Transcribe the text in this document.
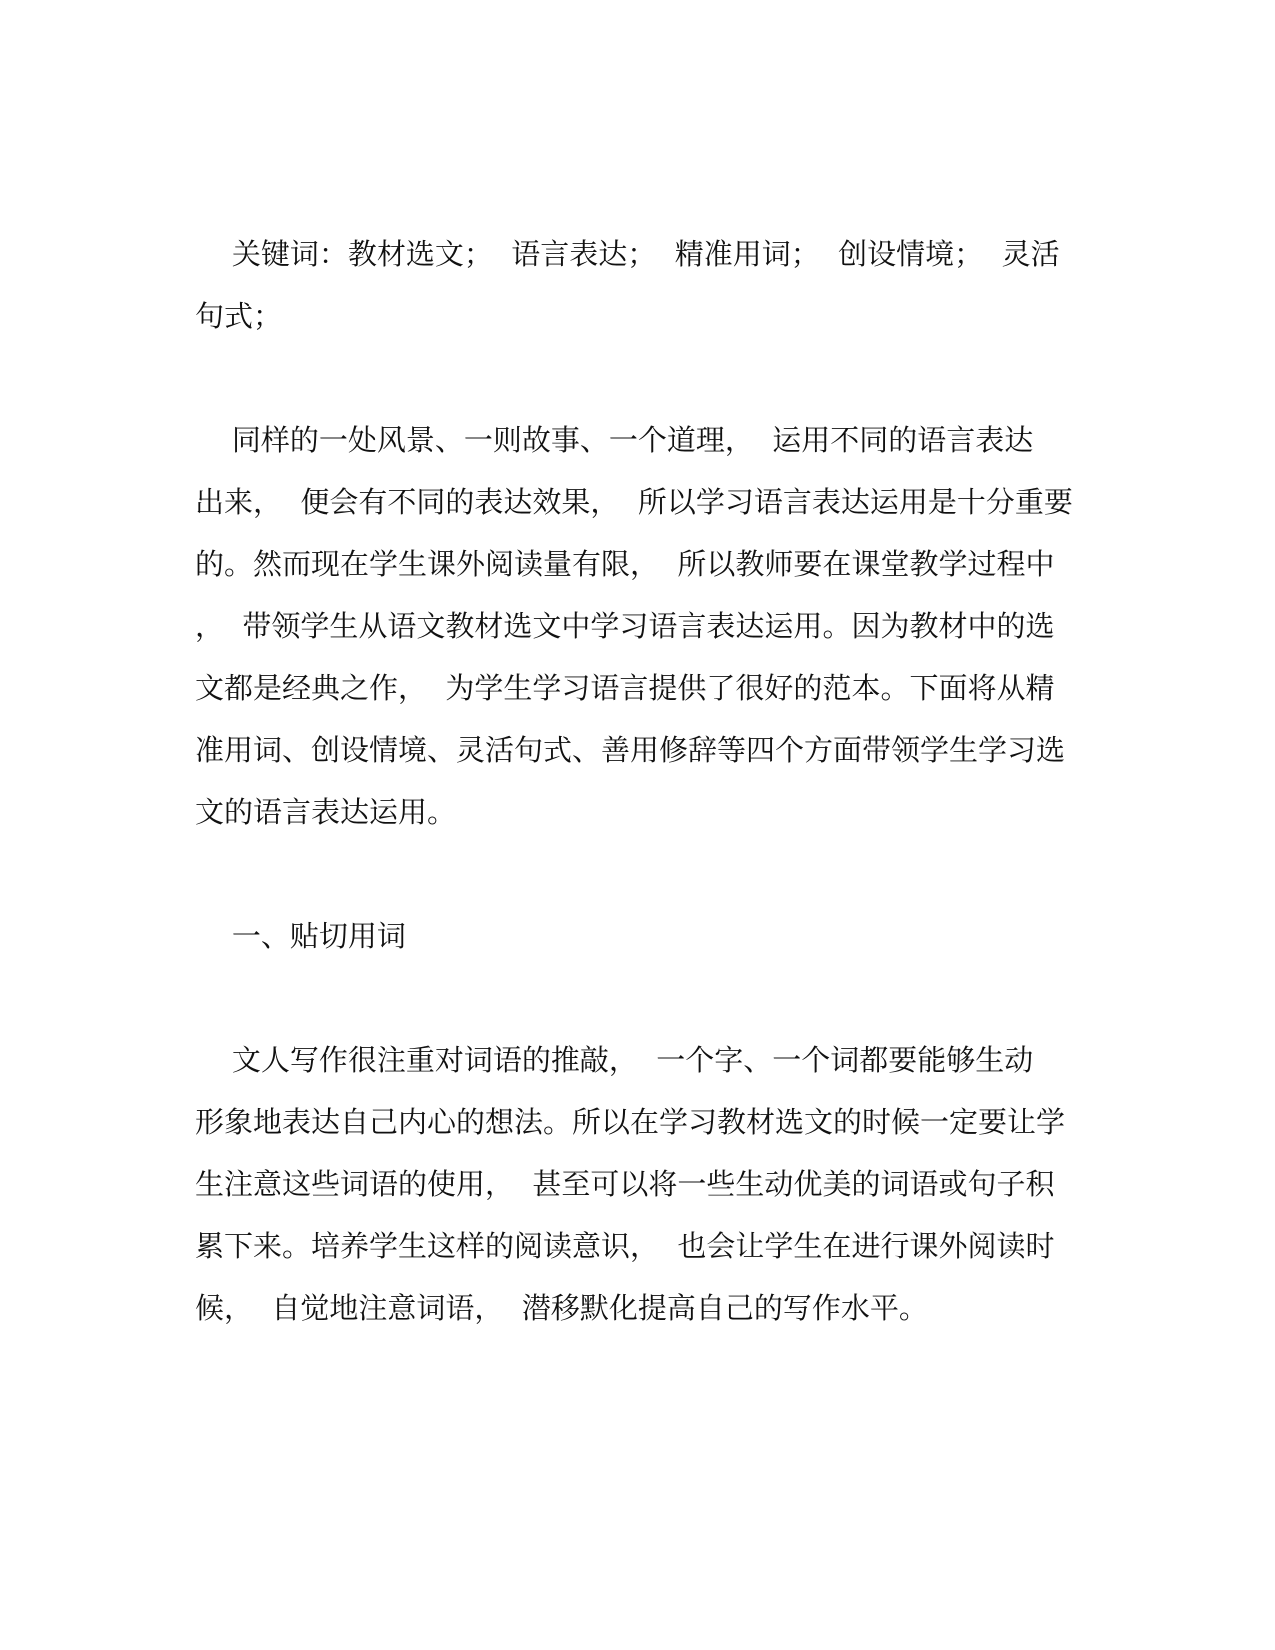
关键词：教材选文；  语言表达；  精准用词；  创设情境；  灵活
句式；
同样的一处风景、一则故事、一个道理，  运用不同的语言表达
出来，  便会有不同的表达效果，  所以学习语言表达运用是十分重要
的。然而现在学生课外阅读量有限，  所以教师要在课堂教学过程中
，  带领学生从语文教材选文中学习语言表达运用。因为教材中的选
文都是经典之作，  为学生学习语言提供了很好的范本。下面将从精
准用词、创设情境、灵活句式、善用修辞等四个方面带领学生学习选
文的语言表达运用。
一、贴切用词
文人写作很注重对词语的推敲，  一个字、一个词都要能够生动
形象地表达自己内心的想法。所以在学习教材选文的时候一定要让学
生注意这些词语的使用，  甚至可以将一些生动优美的词语或句子积
累下来。培养学生这样的阅读意识，  也会让学生在进行课外阅读时
候，  自觉地注意词语，  潜移默化提高自己的写作水平。
